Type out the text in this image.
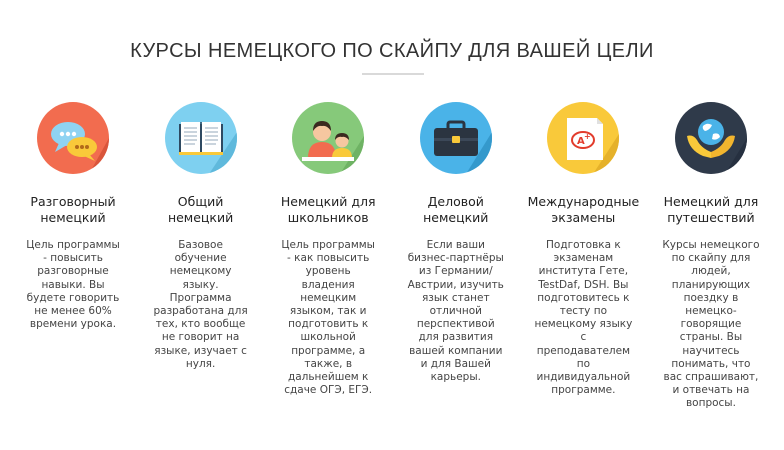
КУРСЫ НЕМЕЦКОГО ПО СКАЙПУ ДЛЯ ВАШЕЙ ЦЕЛИ
Разговорный
немецкий
Цель программы
- повысить
разговорные
навыки. Вы
будете говорить
не менее 60%
времени урока.
Общий
немецкий
Базовое
обучение
немецкому
языку.
Программа
разработана для
тех, кто вообще
не говорит на
языке, изучает с
нуля.
Немецкий для
школьников
Цель программы
- как повысить
уровень
владения
немецким
языком, так и
подготовить к
школьной
программе, а
также, в
дальнейшем к
сдаче ОГЭ, ЕГЭ.
Деловой
немецкий
Если ваши
бизнес-партнёры
из Германии/
Австрии, изучить
язык станет
отличной
перспективой
для развития
вашей компании
и для Вашей
карьеры.
A +
Международные
экзамены
Подготовка к
экзаменам
института Гете,
TestDaf, DSH. Вы
подготовитесь к
тесту по
немецкому языку
с
преподавателем
по
индивидуальной
программе.
Немецкий для
путешествий
Курсы немецкого
по скайпу для
людей,
планирующих
поездку в
немецко-
говорящие
страны. Вы
научитесь
понимать, что
вас спрашивают,
и отвечать на
вопросы.
